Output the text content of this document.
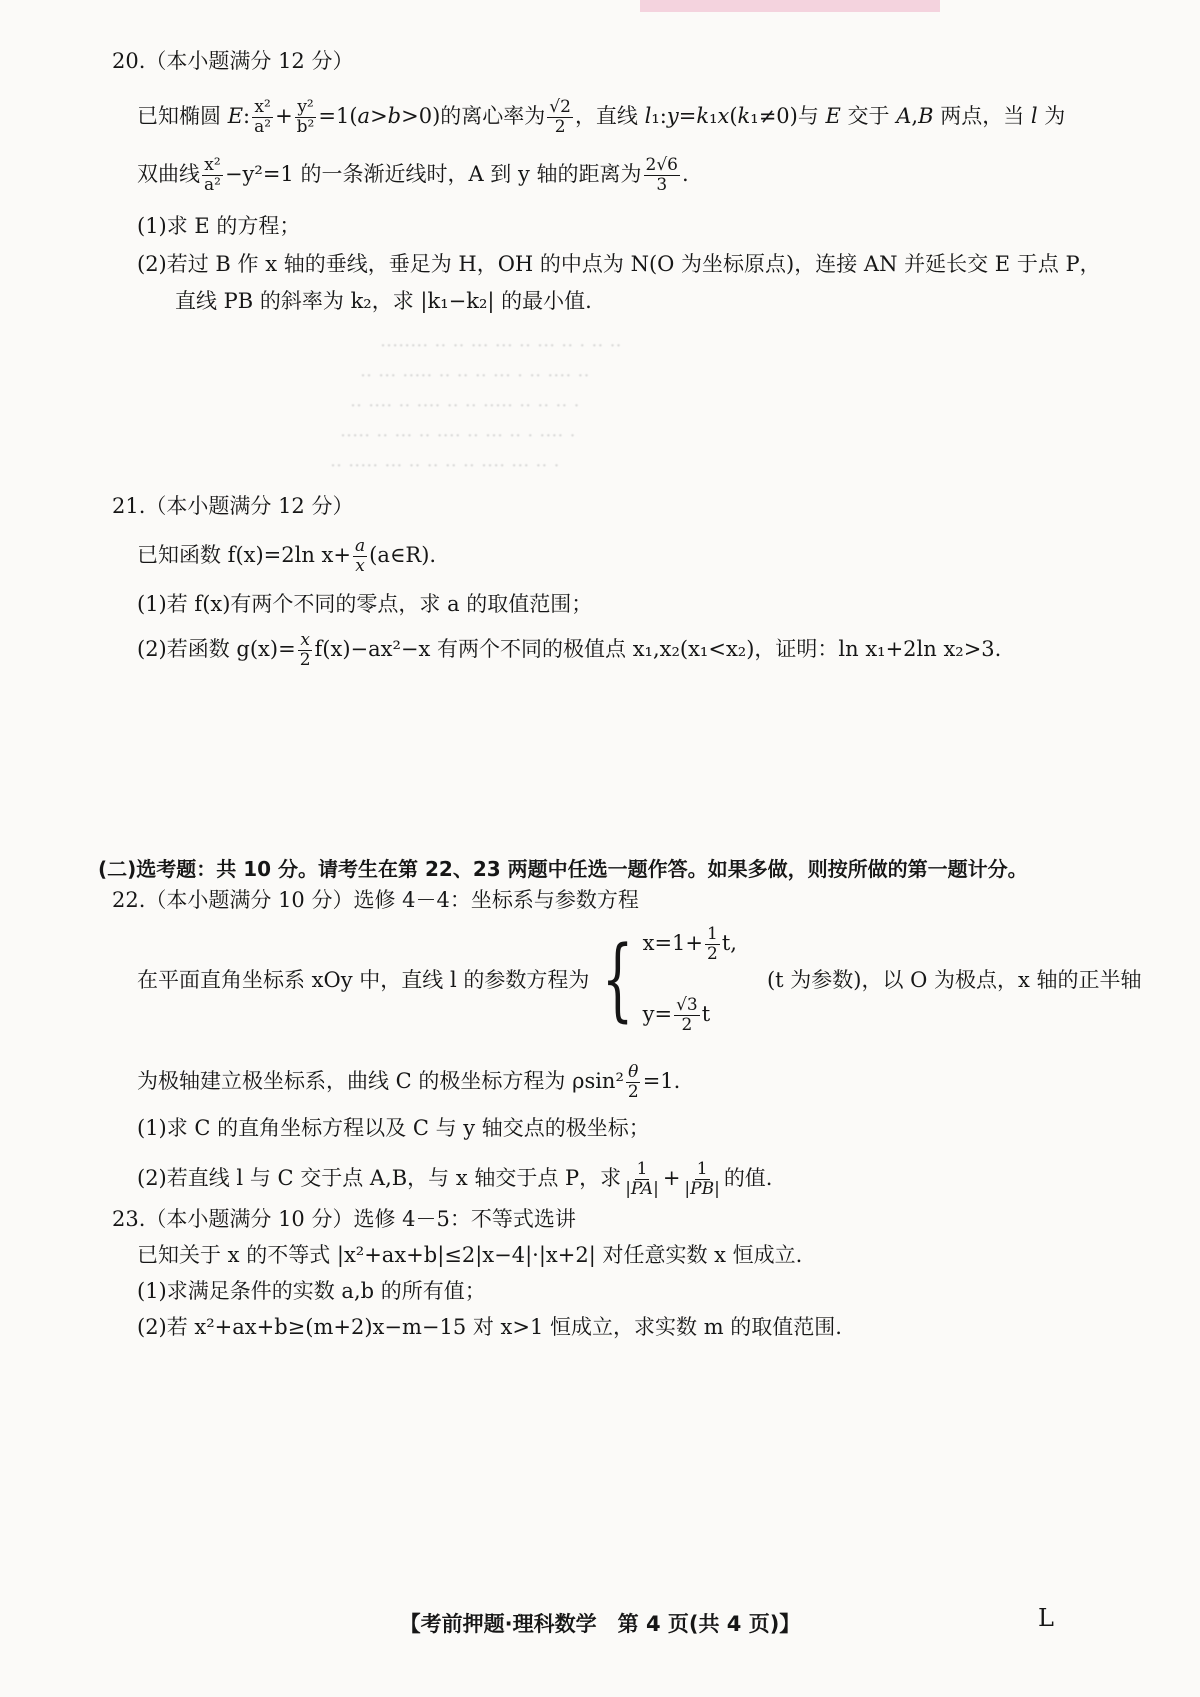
········ ·· ·· ··· ··· ·· ··· ·· · ·· ··
·· ··· ····· ·· ·· ·· ··· · ·· ···· ··
·· ···· ·· ···· ·· ·· ····· ·· ·· ·· ·
····· ·· ··· ·· ···· ·· ··· ·· · ···· ·
·· ····· ··· ·· ·· ·· ·· ···· ··· ·· ·
20.（本小题满分 12 分）
已知椭圆 E: $\frac{\text{x²}}{\text{a²}} + \frac{\text{y²}}{\text{b²}} =1(a>b>0)$的离心率为 $\frac{√2}{2}$ ，直线 l₁:y=k₁x(k₁≠0)与 E 交于 A,B 两点，当 l 为
双曲线 $\frac{\text{x²}}{\text{a²}} -y^2=1$ 的一条渐近线时，A 到 y 轴的距离为 $\frac{2√6}{3}$ .
(1)求 E 的方程；
(2)若过 B 作 x 轴的垂线，垂足为 H，OH 的中点为 N(O 为坐标原点)，连接 AN 并延长交 E 于点 P，
直线 PB 的斜率为 k₂，求 |k₁−k₂| 的最小值.
21.（本小题满分 12 分）
已知函数 f(x)=2ln $x+ \frac{a}{x}$ (a∈R).
(1)若 f(x)有两个不同的零点，求 a 的取值范围；
(2)若函数 $g(x)= \frac{x}{2} f(x)-ax^2-x$ 有两个不同的极值点 x₁,x₂(x₁<x₂)，证明：ln x₁+2ln x₂>3.
(二)选考题：共 10 分。请考生在第 22、23 两题中任选一题作答。如果多做，则按所做的第一题计分。
22.（本小题满分 10 分）选修 4－4：坐标系与参数方程
在平面直角坐标系 xOy 中，直线 l 的参数方程为 { $x=1+ \frac{1}{2} t$,
$y= \frac{√3}{2}$ t
(t 为参数)，以 O 为极点，x 轴的正半轴
为极轴建立极坐标系，曲线 C 的极坐标方程为 $\rho\sin^2 \frac{\theta}{2} =1$.
(1)求 C 的直角坐标方程以及 C 与 y 轴交点的极坐标；
(2)若直线 l 与 C 交于点 A,B，与 x 轴交于点 P，求 $\frac{1}{|PA|} + \frac{1}{|PB|}$ 的值.
23.（本小题满分 10 分）选修 4－5：不等式选讲
已知关于 x 的不等式 |x²+ax+b|≤2|x−4|·|x+2| 对任意实数 x 恒成立.
(1)求满足条件的实数 a,b 的所有值；
(2)若 x²+ax+b≥(m+2)x−m−15 对 x>1 恒成立，求实数 m 的取值范围.
【考前押题·理科数学　第 4 页(共 4 页)】	L
